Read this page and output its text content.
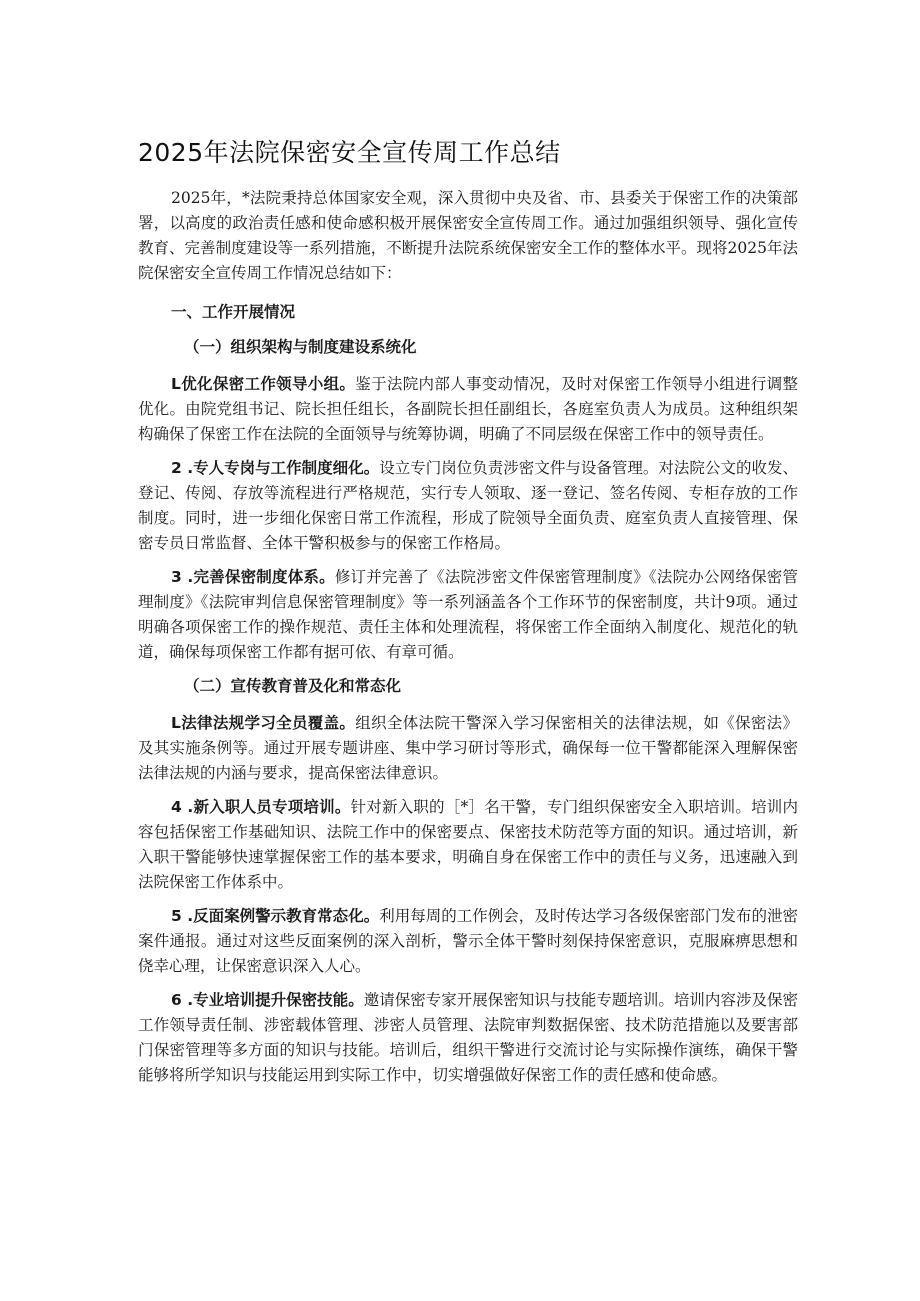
2025年法院保密安全宣传周工作总结

2025年，*法院秉持总体国家安全观，深入贯彻中央及省、市、县委关于保密工作的决策部署，以高度的政治责任感和使命感积极开展保密安全宣传周工作。通过加强组织领导、强化宣传教育、完善制度建设等一系列措施，不断提升法院系统保密安全工作的整体水平。现将2025年法院保密安全宣传周工作情况总结如下：

一、工作开展情况
（一）组织架构与制度建设系统化

L优化保密工作领导小组。鉴于法院内部人事变动情况，及时对保密工作领导小组进行调整优化。由院党组书记、院长担任组长，各副院长担任副组长，各庭室负责人为成员。这种组织架构确保了保密工作在法院的全面领导与统筹协调，明确了不同层级在保密工作中的领导责任。

2 .专人专岗与工作制度细化。设立专门岗位负责涉密文件与设备管理。对法院公文的收发、登记、传阅、存放等流程进行严格规范，实行专人领取、逐一登记、签名传阅、专柜存放的工作制度。同时，进一步细化保密日常工作流程，形成了院领导全面负责、庭室负责人直接管理、保密专员日常监督、全体干警积极参与的保密工作格局。

3 .完善保密制度体系。修订并完善了《法院涉密文件保密管理制度》《法院办公网络保密管理制度》《法院审判信息保密管理制度》等一系列涵盖各个工作环节的保密制度，共计9项。通过明确各项保密工作的操作规范、责任主体和处理流程，将保密工作全面纳入制度化、规范化的轨道，确保每项保密工作都有据可依、有章可循。

（二）宣传教育普及化和常态化

L法律法规学习全员覆盖。组织全体法院干警深入学习保密相关的法律法规，如《保密法》及其实施条例等。通过开展专题讲座、集中学习研讨等形式，确保每一位干警都能深入理解保密法律法规的内涵与要求，提高保密法律意识。

4 .新入职人员专项培训。针对新入职的［*］名干警，专门组织保密安全入职培训。培训内容包括保密工作基础知识、法院工作中的保密要点、保密技术防范等方面的知识。通过培训，新入职干警能够快速掌握保密工作的基本要求，明确自身在保密工作中的责任与义务，迅速融入到法院保密工作体系中。

5 .反面案例警示教育常态化。利用每周的工作例会，及时传达学习各级保密部门发布的泄密案件通报。通过对这些反面案例的深入剖析，警示全体干警时刻保持保密意识，克服麻痹思想和侥幸心理，让保密意识深入人心。

6 .专业培训提升保密技能。邀请保密专家开展保密知识与技能专题培训。培训内容涉及保密工作领导责任制、涉密载体管理、涉密人员管理、法院审判数据保密、技术防范措施以及要害部门保密管理等多方面的知识与技能。培训后，组织干警进行交流讨论与实际操作演练，确保干警能够将所学知识与技能运用到实际工作中，切实增强做好保密工作的责任感和使命感。
